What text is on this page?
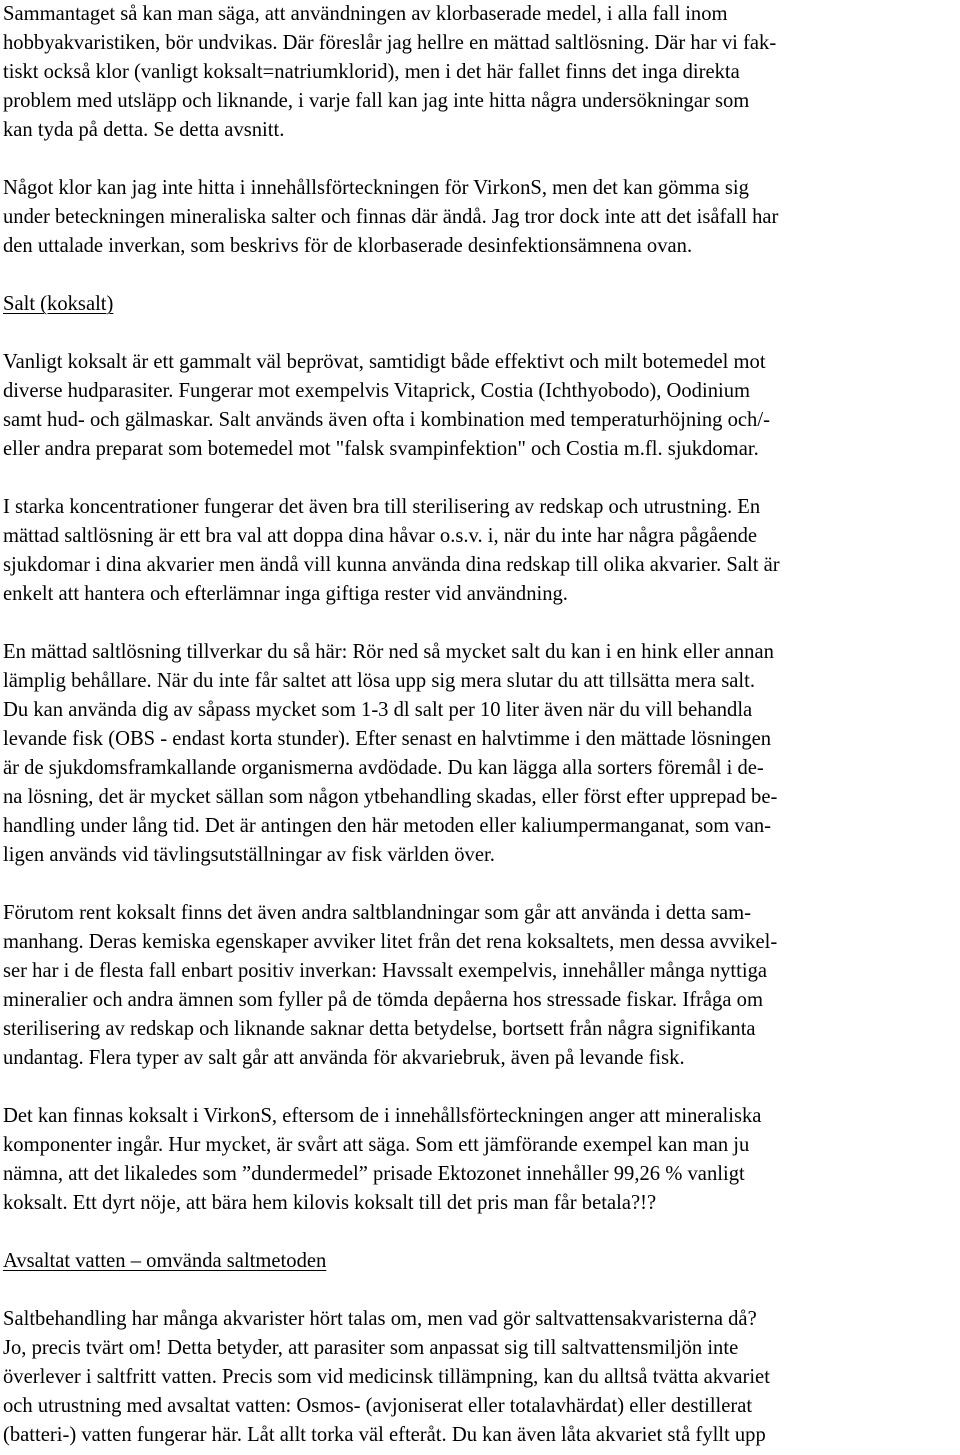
Sammantaget så kan man säga, att användningen av klorbaserade medel, i alla fall inom
hobbyakvaristiken, bör undvikas. Där föreslår jag hellre en mättad saltlösning. Där har vi fak-
tiskt också klor (vanligt koksalt=natriumklorid), men i det här fallet finns det inga direkta
problem med utsläpp och liknande, i varje fall kan jag inte hitta några undersökningar som
kan tyda på detta. Se detta avsnitt.
Något klor kan jag inte hitta i innehållsförteckningen för VirkonS, men det kan gömma sig
under beteckningen mineraliska salter och finnas där ändå. Jag tror dock inte att det isåfall har
den uttalade inverkan, som beskrivs för de klorbaserade desinfektionsämnena ovan.
Salt (koksalt)
Vanligt koksalt är ett gammalt väl beprövat, samtidigt både effektivt och milt botemedel mot
diverse hudparasiter. Fungerar mot exempelvis Vitaprick, Costia (Ichthyobodo), Oodinium
samt hud- och gälmaskar. Salt används även ofta i kombination med temperaturhöjning och/-
eller andra preparat som botemedel mot "falsk svampinfektion" och Costia m.fl. sjukdomar.
I starka koncentrationer fungerar det även bra till sterilisering av redskap och utrustning. En
mättad saltlösning är ett bra val att doppa dina håvar o.s.v. i, när du inte har några pågående
sjukdomar i dina akvarier men ändå vill kunna använda dina redskap till olika akvarier. Salt är
enkelt att hantera och efterlämnar inga giftiga rester vid användning.
En mättad saltlösning tillverkar du så här: Rör ned så mycket salt du kan i en hink eller annan
lämplig behållare. När du inte får saltet att lösa upp sig mera slutar du att tillsätta mera salt.
Du kan använda dig av såpass mycket som 1-3 dl salt per 10 liter även när du vill behandla
levande fisk (OBS - endast korta stunder). Efter senast en halvtimme i den mättade lösningen
är de sjukdomsframkallande organismerna avdödade. Du kan lägga alla sorters föremål i de-
na lösning, det är mycket sällan som någon ytbehandling skadas, eller först efter upprepad be-
handling under lång tid. Det är antingen den här metoden eller kaliumpermanganat, som van-
ligen används vid tävlingsutställningar av fisk världen över.
Förutom rent koksalt finns det även andra saltblandningar som går att använda i detta sam-
manhang. Deras kemiska egenskaper avviker litet från det rena koksaltets, men dessa avvikel-
ser har i de flesta fall enbart positiv inverkan: Havssalt exempelvis, innehåller många nyttiga
mineralier och andra ämnen som fyller på de tömda depåerna hos stressade fiskar. Ifråga om
sterilisering av redskap och liknande saknar detta betydelse, bortsett från några signifikanta
undantag. Flera typer av salt går att använda för akvariebruk, även på levande fisk.
Det kan finnas koksalt i VirkonS, eftersom de i innehållsförteckningen anger att mineraliska
komponenter ingår. Hur mycket, är svårt att säga. Som ett jämförande exempel kan man ju
nämna, att det likaledes som ”dundermedel” prisade Ektozonet innehåller 99,26 % vanligt
koksalt. Ett dyrt nöje, att bära hem kilovis koksalt till det pris man får betala?!?
Avsaltat vatten – omvända saltmetoden
Saltbehandling har många akvarister hört talas om, men vad gör saltvattensakvaristerna då?
Jo, precis tvärt om! Detta betyder, att parasiter som anpassat sig till saltvattensmiljön inte
överlever i saltfritt vatten. Precis som vid medicinsk tillämpning, kan du alltså tvätta akvariet
och utrustning med avsaltat vatten: Osmos- (avjoniserat eller totalavhärdat) eller destillerat
(batteri-) vatten fungerar här. Låt allt torka väl efteråt. Du kan även låta akvariet stå fyllt upp
